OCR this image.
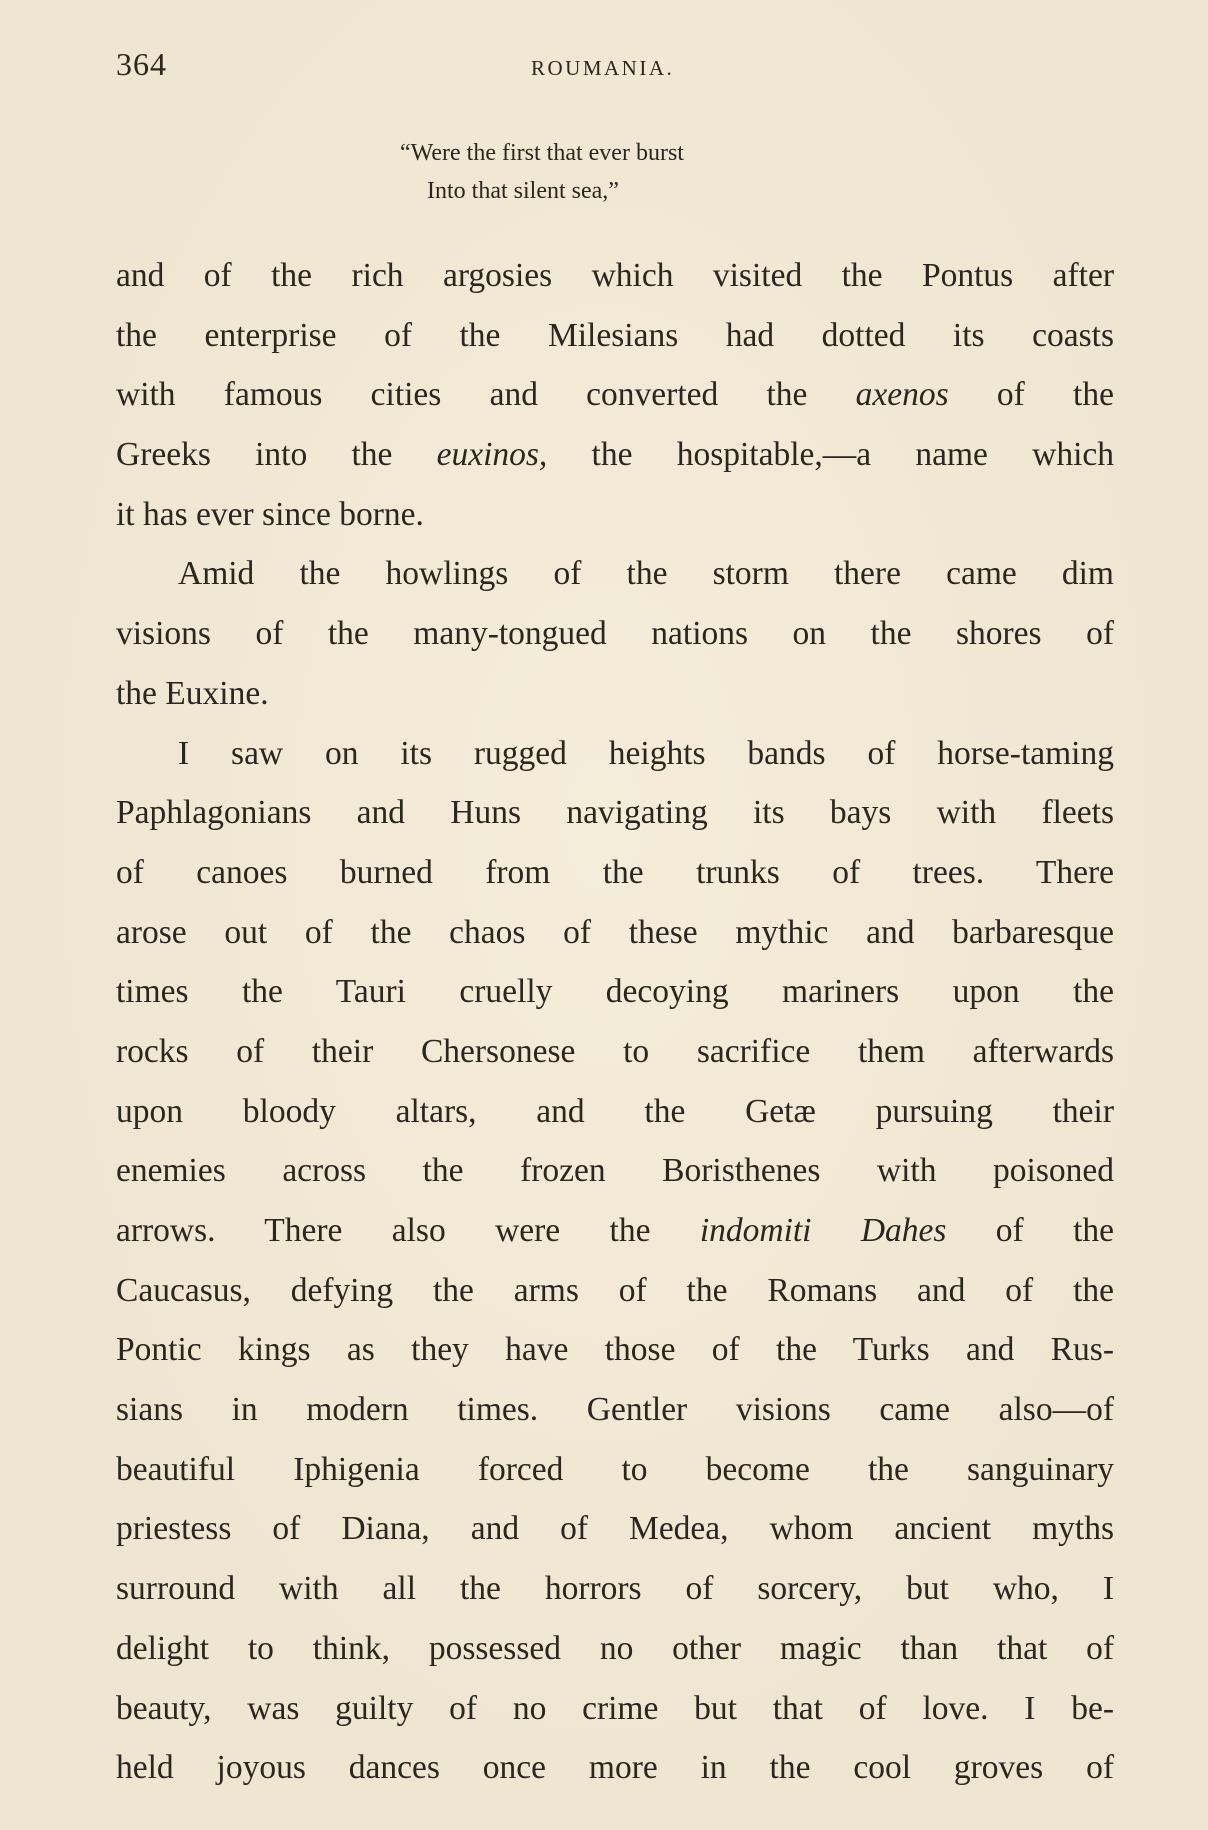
364	ROUMANIA.
“Were the first that ever burst
Into that silent sea,”
and of the rich argosies which visited the Pontus after
the enterprise of the Milesians had dotted its coasts
with famous cities and converted the axenos of the
Greeks into the euxinos, the hospitable,—a name which
it has ever since borne.
Amid the howlings of the storm there came dim
visions of the many-tongued nations on the shores of
the Euxine.
I saw on its rugged heights bands of horse-taming
Paphlagonians and Huns navigating its bays with fleets
of canoes burned from the trunks of trees. There
arose out of the chaos of these mythic and barbaresque
times the Tauri cruelly decoying mariners upon the
rocks of their Chersonese to sacrifice them afterwards
upon bloody altars, and the Getæ pursuing their
enemies across the frozen Boristhenes with poisoned
arrows. There also were the indomiti Dahes of the
Caucasus, defying the arms of the Romans and of the
Pontic kings as they have those of the Turks and Rus-
sians in modern times. Gentler visions came also—of
beautiful Iphigenia forced to become the sanguinary
priestess of Diana, and of Medea, whom ancient myths
surround with all the horrors of sorcery, but who, I
delight to think, possessed no other magic than that of
beauty, was guilty of no crime but that of love. I be-
held joyous dances once more in the cool groves of
